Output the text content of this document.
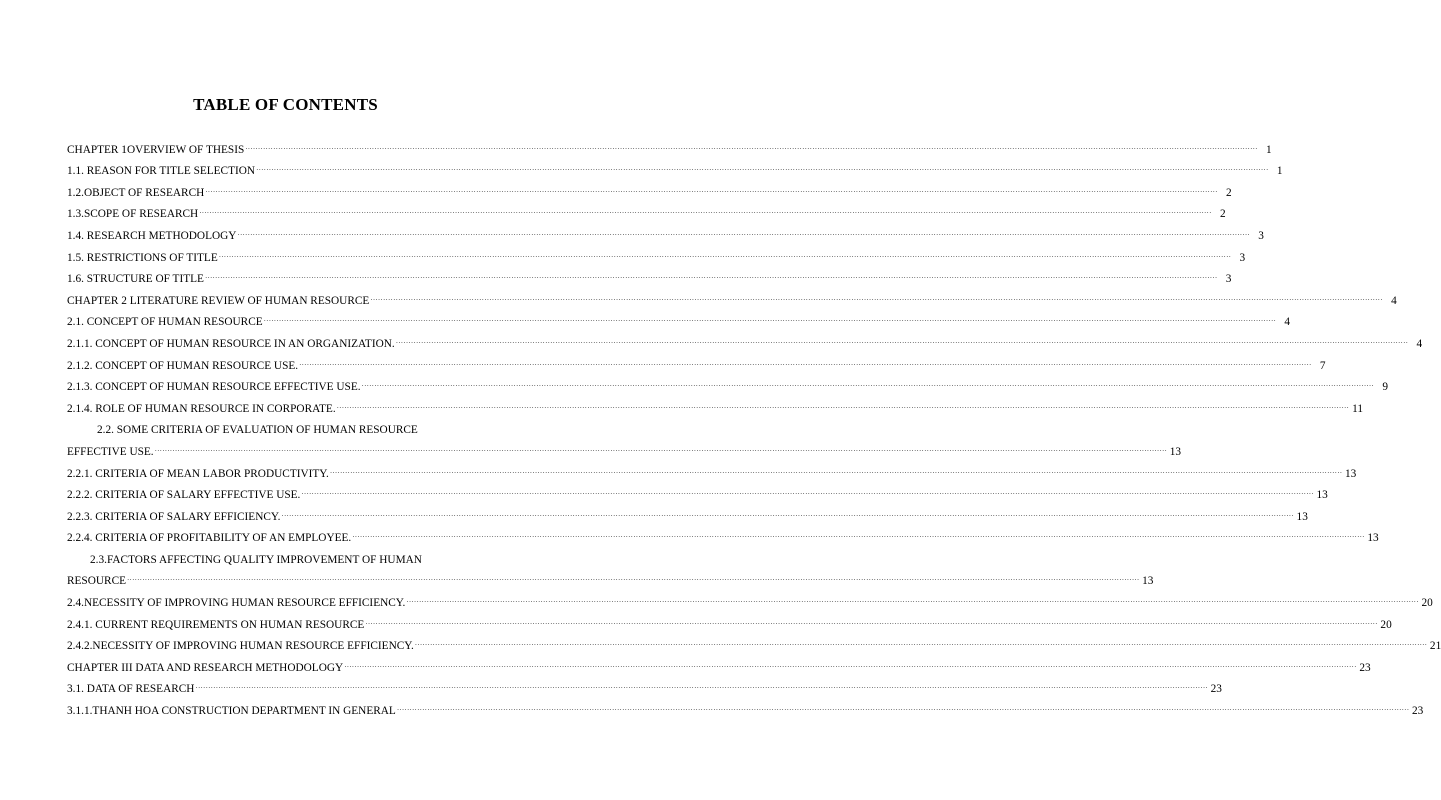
TABLE OF CONTENTS
CHAPTER 1OVERVIEW OF THESIS ················································································································································································································································································································································································································ 1
1.1. REASON FOR TITLE SELECTION ················································································································································································································································································································································································································ 1
1.2.OBJECT OF RESEARCH ················································································································································································································································································································································································································ 2
1.3.SCOPE OF RESEARCH ················································································································································································································································································································································································································ 2
1.4. RESEARCH METHODOLOGY ················································································································································································································································································································································································································ 3
1.5. RESTRICTIONS OF TITLE ················································································································································································································································································································································································································ 3
1.6. STRUCTURE OF TITLE ················································································································································································································································································································································································································ 3
CHAPTER 2 LITERATURE REVIEW OF HUMAN RESOURCE ················································································································································································································································································································································································································ 4
2.1. CONCEPT OF HUMAN RESOURCE ················································································································································································································································································································································································································ 4
2.1.1. CONCEPT OF HUMAN RESOURCE IN AN ORGANIZATION. ················································································································································································································································································································································································································ 4
2.1.2. CONCEPT OF HUMAN RESOURCE USE. ················································································································································································································································································································································································································ 7
2.1.3. CONCEPT OF HUMAN RESOURCE EFFECTIVE USE. ················································································································································································································································································································································································································ 9
2.1.4. ROLE OF HUMAN RESOURCE IN CORPORATE. ················································································································································································································································································································································································································ 11
2.2. SOME CRITERIA OF EVALUATION OF HUMAN RESOURCE
EFFECTIVE USE. ················································································································································································································································································································································································································ 13
2.2.1. CRITERIA OF MEAN LABOR PRODUCTIVITY. ················································································································································································································································································································································································································ 13
2.2.2. CRITERIA OF SALARY EFFECTIVE USE. ················································································································································································································································································································································································································ 13
2.2.3. CRITERIA OF SALARY EFFICIENCY. ················································································································································································································································································································································································································ 13
2.2.4. CRITERIA OF PROFITABILITY OF AN EMPLOYEE. ················································································································································································································································································································································································································ 13
2.3.FACTORS AFFECTING QUALITY IMPROVEMENT OF HUMAN
RESOURCE ················································································································································································································································································································································································································ 13
2.4.NECESSITY OF IMPROVING HUMAN RESOURCE EFFICIENCY. ················································································································································································································································································································································································································ 20
2.4.1. CURRENT REQUIREMENTS ON HUMAN RESOURCE ················································································································································································································································································································································································································ 20
2.4.2.NECESSITY OF IMPROVING HUMAN RESOURCE EFFICIENCY. ················································································································································································································································································································································································································ 21
CHAPTER III DATA AND RESEARCH METHODOLOGY ················································································································································································································································································································································································································ 23
3.1. DATA OF RESEARCH ················································································································································································································································································································································································································ 23
3.1.1.THANH HOA CONSTRUCTION DEPARTMENT IN GENERAL ················································································································································································································································································································································································································ 23
